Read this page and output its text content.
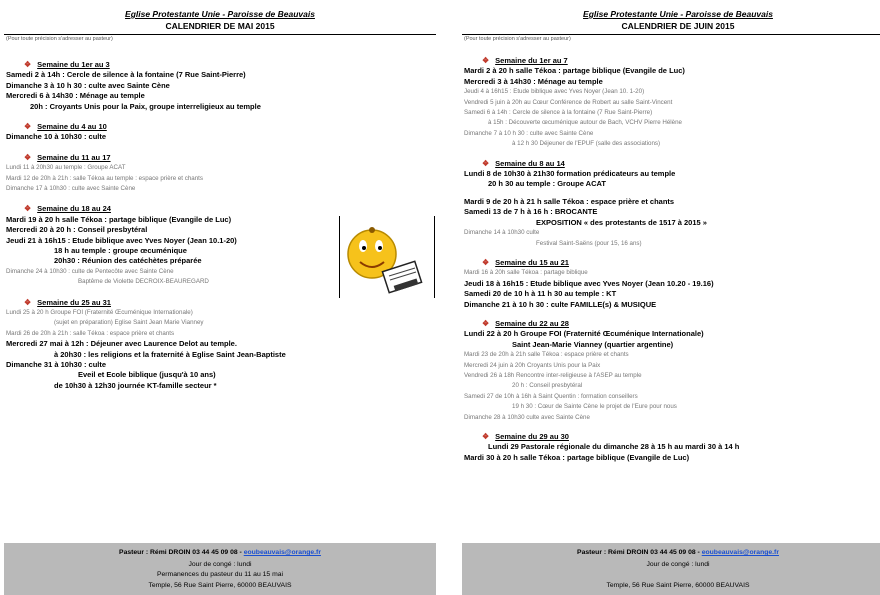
Eglise Protestante Unie - Paroisse de Beauvais
CALENDRIER DE MAI 2015
(Pour toute précision s'adresser au pasteur)
❖ Semaine du 1er au 3
Samedi 2 à 14h : Cercle de silence à la fontaine (7 Rue Saint-Pierre)
Dimanche 3 à 10 h 30 : culte avec Sainte Cène
Mercredi 6 à 14h30 : Ménage au temple
20h : Croyants Unis pour la Paix, groupe interreligieux au temple
❖ Semaine du 4 au 10
Dimanche 10 à 10h30 : culte
❖ Semaine du 11 au 17
Lundi 11 à 20h30 au temple : Groupe ACAT
Mardi 12 de 20h à 21h : salle Tékoa au temple : espace prière et chants
Dimanche 17 à 10h30 : culte avec Sainte Cène
❖ Semaine du 18 au 24
Mardi 19 à 20 h salle Tékoa : partage biblique (Evangile de Luc)
Mercredi 20 à 20 h : Conseil presbytéral
Jeudi 21 à 16h15 : Etude biblique avec Yves Noyer (Jean 10.1-20)
18 h au temple : groupe œcuménique
20h30 : Réunion des catéchètes préparée
Dimanche 24 à 10h30 : culte de Pentecôte avec Sainte Cène
Baptême de Violette DECROIX-BEAUREGARD
❖ Semaine du 25 au 31
Lundi 25 à 20 h Groupe FOI (Fraternité Œcuménique Internationale)
(sujet en préparation) Eglise Saint Jean Marie Vianney
Mardi 26 de 20h à 21h : salle Tékoa : espace prière et chants
Mercredi 27 mai à 12h : Déjeuner avec Laurence Delot au temple.
à 20h30 : les religions et la fraternité à Eglise Saint Jean-Baptiste
Dimanche 31 à 10h30 : culte
Eveil et Ecole biblique (jusqu'à 10 ans)
de 10h30 à 12h30 journée KT-famille secteur *
Pasteur : Rémi DROIN 03 44 45 09 08 - eoubeauvais@orange.fr
Jour de congé : lundi
Permanences du pasteur du 11 au 15 mai
Temple, 56 Rue Saint Pierre, 60000 BEAUVAIS
Eglise Protestante Unie - Paroisse de Beauvais
CALENDRIER DE JUIN 2015
(Pour toute précision s'adresser au pasteur)
❖ Semaine du 1er au 7
Mardi 2 à 20 h salle Tékoa : partage biblique (Evangile de Luc)
Mercredi 3 à 14h30 : Ménage au temple
Jeudi 4 à 16h15 : Etude biblique avec Yves Noyer (Jean 10. 1-20)
Vendredi 5 juin à 20h au Cœur Conférence de Robert au salle Saint-Vincent
Samedi 6 à 14h : Cercle de silence à la fontaine (7 Rue Saint-Pierre)
à 15h : Découverte œcuménique autour de Bach, VCHV Pierre Hélène
Dimanche 7 à 10 h 30 : culte avec Sainte Cène
à 12 h 30 Déjeuner de l'EPUF (salle des associations)
❖ Semaine du 8 au 14
Lundi 8 de 10h30 à 21h30 formation prédicateurs au temple
20 h 30 au temple : Groupe ACAT
Mardi 9 de 20 h à 21 h salle Tékoa : espace prière et chants
Samedi 13 de 7 h à 16 h : BROCANTE
EXPOSITION « des protestants de 1517 à 2015 »
Dimanche 14 à 10h30 culte
Festival Saint-Saëns (pour 15, 16 ans)
❖ Semaine du 15 au 21
Mardi 16 à 20h salle Tékoa : partage biblique
Jeudi 18 à 16h15 : Etude biblique avec Yves Noyer (Jean 10.20 - 19.16)
Samedi 20 de 10 h à 11 h 30 au temple : KT
Dimanche 21 à 10 h 30 : culte FAMILLE(s) & MUSIQUE
❖ Semaine du 22 au 28
Lundi 22 à 20 h Groupe FOI (Fraternité Œcuménique Internationale)
Saint Jean-Marie Vianney (quartier argentine)
Mardi 23 de 20h à 21h salle Tékoa : espace prière et chants
Mercredi 24 juin à 20h Croyants Unis pour la Paix
Vendredi 26 à 18h Rencontre inter-religieuse à l'ASEP au temple
20 h : Conseil presbytéral
Samedi 27 de 10h à 16h à Saint Quentin : formation conseillers
19 h 30 : Cœur de Sainte Cène le projet de l'Eure pour nous
Dimanche 28 à 10h30 culte avec Sainte Cène
❖ Semaine du 29 au 30
Lundi 29 Pastorale régionale du dimanche 28 à 15 h au mardi 30 à 14 h
Mardi 30 à 20 h salle Tékoa : partage biblique (Evangile de Luc)
Pasteur : Rémi DROIN 03 44 45 09 08 - eoubeauvais@orange.fr
Jour de congé : lundi
Temple, 56 Rue Saint Pierre, 60000 BEAUVAIS
